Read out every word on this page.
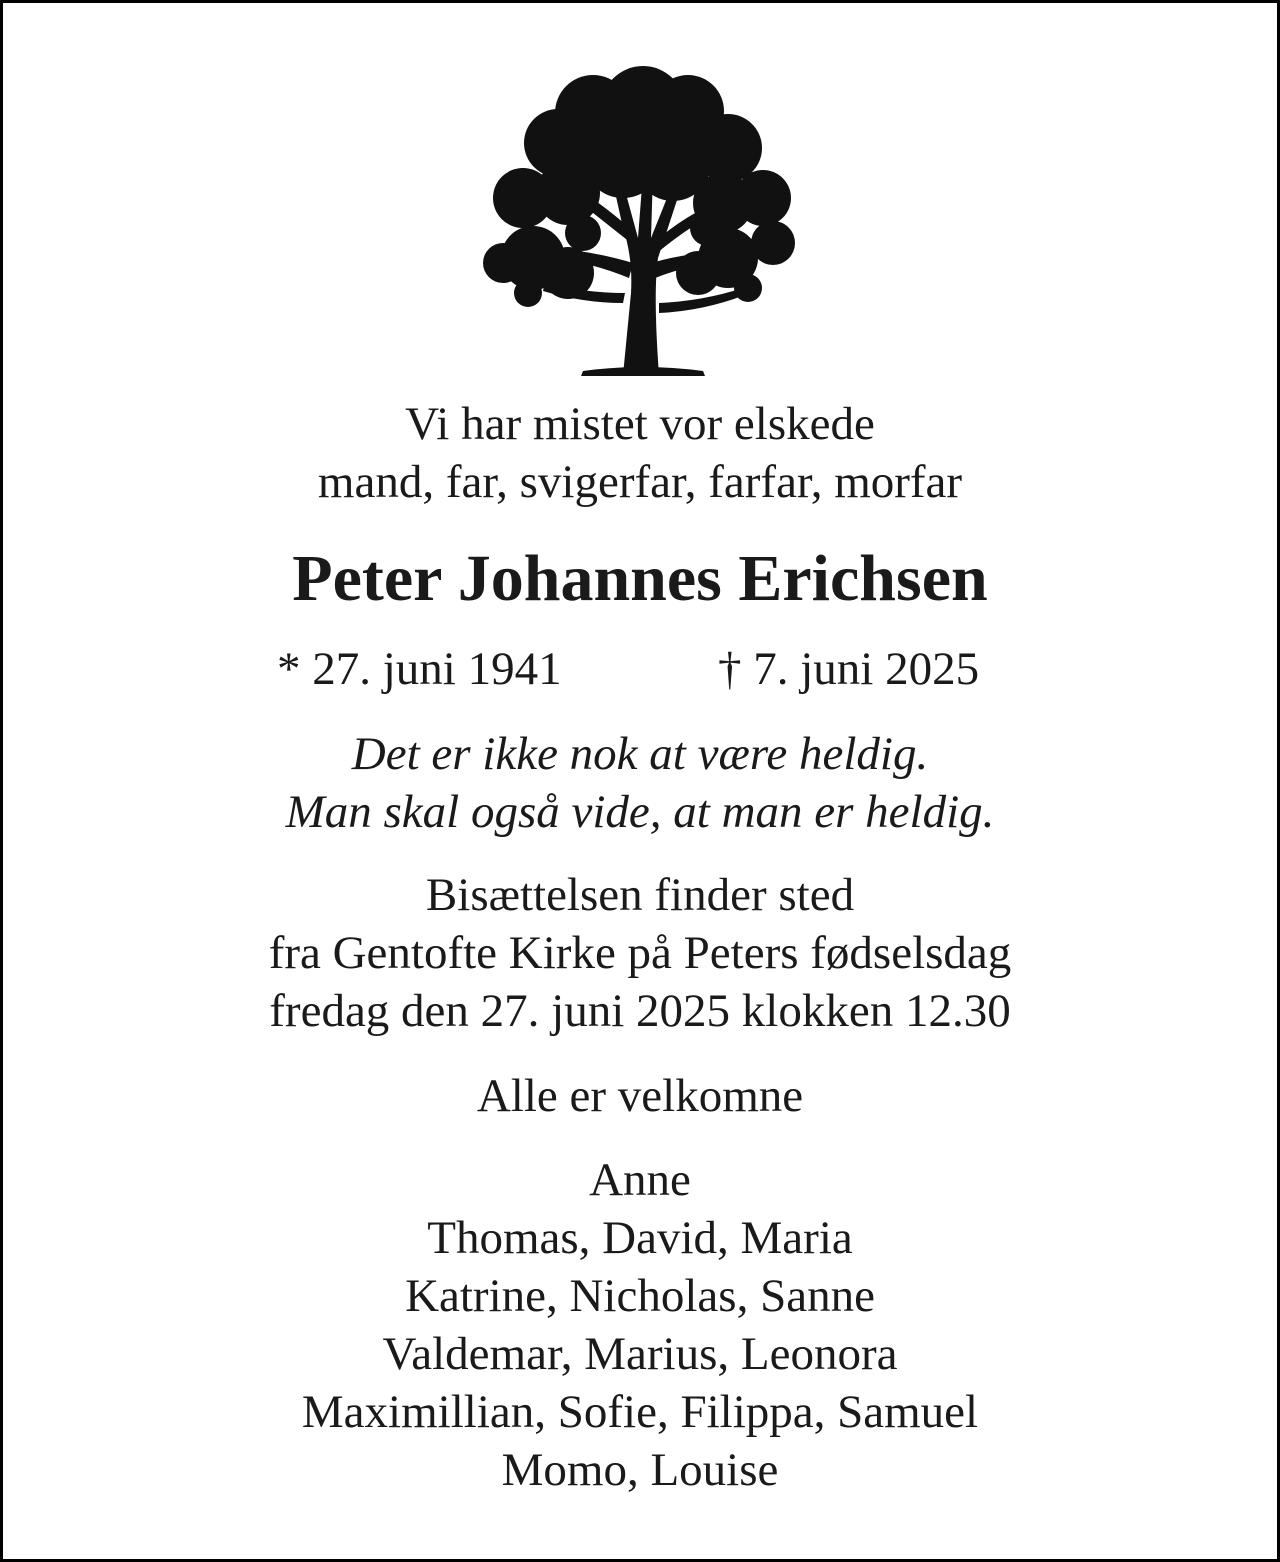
Vi har mistet vor elskede
mand, far, svigerfar, farfar, morfar
Peter Johannes Erichsen
* 27. juni 1941	† 7. juni 2025
Det er ikke nok at være heldig.
Man skal også vide, at man er heldig.
Bisættelsen finder sted
fra Gentofte Kirke på Peters fødselsdag
fredag den 27. juni 2025 klokken 12.30
Alle er velkomne
Anne
Thomas, David, Maria
Katrine, Nicholas, Sanne
Valdemar, Marius, Leonora
Maximillian, Sofie, Filippa, Samuel
Momo, Louise
